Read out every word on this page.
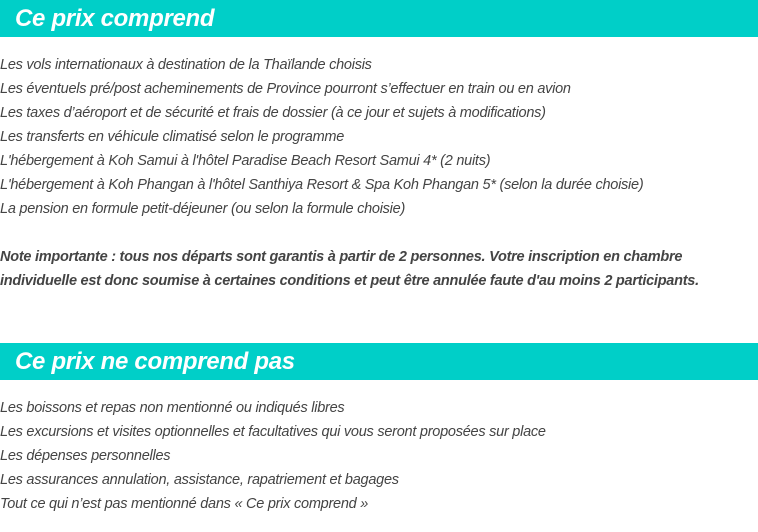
Ce prix comprend
Les vols internationaux à destination de la Thaïlande choisis
Les éventuels pré/post acheminements de Province pourront s’effectuer en train ou en avion
Les taxes d’aéroport et de sécurité et frais de dossier (à ce jour et sujets à modifications)
Les transferts en véhicule climatisé selon le programme
L'hébergement à Koh Samui à l'hôtel Paradise Beach Resort Samui 4* (2 nuits)
L'hébergement à Koh Phangan à l'hôtel Santhiya Resort & Spa Koh Phangan 5* (selon la durée choisie)
La pension en formule petit-déjeuner (ou selon la formule choisie)

Note importante : tous nos départs sont garantis à partir de 2 personnes. Votre inscription en chambre
individuelle est donc soumise à certaines conditions et peut être annulée faute d'au moins 2 participants.

Ce prix ne comprend pas
Les boissons et repas non mentionné ou indiqués libres
Les excursions et visites optionnelles et facultatives qui vous seront proposées sur place
Les dépenses personnelles
Les assurances annulation, assistance, rapatriement et bagages
Tout ce qui n’est pas mentionné dans « Ce prix comprend »
